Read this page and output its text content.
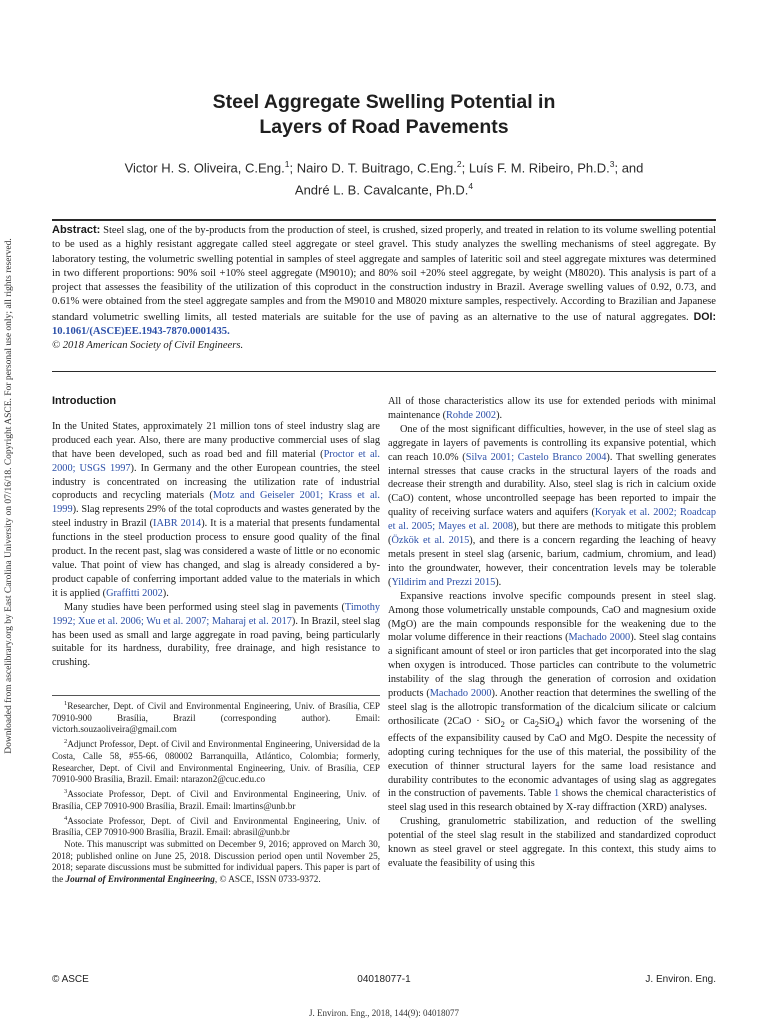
Downloaded from ascelibrary.org by East Carolina University on 07/16/18. Copyright ASCE. For personal use only; all rights reserved.
Steel Aggregate Swelling Potential in
Layers of Road Pavements
Victor H. S. Oliveira, C.Eng.$^1$; Nairo D. T. Buitrago, C.Eng.$^2$; Luís F. M. Ribeiro, Ph.D.$^3$; and
André L. B. Cavalcante, Ph.D.$^4$
Abstract: Steel slag, one of the by-products from the production of steel, is crushed, sized properly, and treated in relation to its volume swelling potential to be used as a highly resistant aggregate called steel aggregate or steel gravel. This study analyzes the swelling mechanisms of steel aggregate. By laboratory testing, the volumetric swelling potential in samples of steel aggregate and samples of lateritic soil and steel aggregate mixtures was determined in two different proportions: 90% soil +10% steel aggregate (M9010); and 80% soil +20% steel aggregate, by weight (M8020). This analysis is part of a project that assesses the feasibility of the utilization of this coproduct in the construction industry in Brazil. Average swelling values of 0.92, 0.73, and 0.61% were obtained from the steel aggregate samples and from the M9010 and M8020 mixture samples, respectively. According to Brazilian and Japanese standard volumetric swelling limits, all tested materials are suitable for the use of paving as an alternative to the use of natural aggregates. DOI: 10.1061/(ASCE)EE.1943-7870.0001435.
© 2018 American Society of Civil Engineers.
Introduction

In the United States, approximately 21 million tons of steel industry slag are produced each year. Also, there are many productive commercial uses of slag that have been developed, such as road bed and fill material (Proctor et al. 2000; USGS 1997). In Germany and the other European countries, the steel industry is concentrated on increasing the utilization rate of industrial coproducts and recycling materials (Motz and Geiseler 2001; Krass et al. 1999). Slag represents 29% of the total coproducts and wastes generated by the steel industry in Brazil (IABR 2014). It is a material that presents fundamental functions in the steel production process to ensure good quality of the final product. In the recent past, slag was considered a waste of little or no economic value. That point of view has changed, and slag is already considered a by-product capable of conferring important added value to the materials in which it is applied (Graffitti 2002).

Many studies have been performed using steel slag in pavements (Timothy 1992; Xue et al. 2006; Wu et al. 2007; Maharaj et al. 2017). In Brazil, steel slag has been used as small and large aggregate in road paving, being particularly suitable for its hardness, durability, free drainage, and high resistance to crushing.

$^1$Researcher, Dept. of Civil and Environmental Engineering, Univ. of Brasília, CEP 70910-900 Brasília, Brazil (corresponding author). Email: victorh.souzaoliveira@gmail.com

$^2$Adjunct Professor, Dept. of Civil and Environmental Engineering, Universidad de la Costa, Calle 58, #55-66, 080002 Barranquilla, Atlántico, Colombia; formerly, Researcher, Dept. of Civil and Environmental Engineering, Univ. of Brasília, CEP 70910-900 Brasília, Brazil. Email: ntarazon2@cuc.edu.co

$^3$Associate Professor, Dept. of Civil and Environmental Engineering, Univ. of Brasília, CEP 70910-900 Brasília, Brazil. Email: lmartins@unb.br

$^4$Associate Professor, Dept. of Civil and Environmental Engineering, Univ. of Brasília, CEP 70910-900 Brasília, Brazil. Email: abrasil@unb.br

Note. This manuscript was submitted on December 9, 2016; approved on March 30, 2018; published online on June 25, 2018. Discussion period open until November 25, 2018; separate discussions must be submitted for individual papers. This paper is part of the Journal of Environmental Engineering, © ASCE, ISSN 0733-9372.

All of those characteristics allow its use for extended periods with minimal maintenance (Rohde 2002).

One of the most significant difficulties, however, in the use of steel slag as aggregate in layers of pavements is controlling its expansive potential, which can reach 10.0% (Silva 2001; Castelo Branco 2004). That swelling generates internal stresses that cause cracks in the structural layers of the roads and decrease their strength and durability. Also, steel slag is rich in calcium oxide (CaO) content, whose uncontrolled seepage has been reported to impair the quality of receiving surface waters and aquifers (Koryak et al. 2002; Roadcap et al. 2005; Mayes et al. 2008), but there are methods to mitigate this problem (Özkök et al. 2015), and there is a concern regarding the leaching of heavy metals present in steel slag (arsenic, barium, cadmium, chromium, and lead) into the groundwater, however, their concentration levels may be tolerable (Yildirim and Prezzi 2015).

Expansive reactions involve specific compounds present in steel slag. Among those volumetrically unstable compounds, CaO and magnesium oxide (MgO) are the main compounds responsible for the weakening due to the molar volume difference in their reactions (Machado 2000). Steel slag contains a significant amount of steel or iron particles that get incorporated into the slag when oxygen is introduced. Those particles can contribute to the volumetric instability of the slag through the generation of corrosion and oxidation products (Machado 2000). Another reaction that determines the swelling of the steel slag is the allotropic transformation of the dicalcium silicate or calcium orthosilicate (2CaO · SiO$_2$ or $Ca_2SiO_4$) which favor the worsening of the effects of the expansibility caused by CaO and MgO. Despite the necessity of adopting curing techniques for the use of this material, the possibility of the execution of thinner structural layers for the same load resistance and durability contributes to the economic advantages of using slag as aggregates in the construction of pavements. Table 1 shows the chemical characteristics of steel slag used in this research obtained by X-ray diffraction (XRD) analyses.

Crushing, granulometric stabilization, and reduction of the swelling potential of the steel slag result in the stabilized and standardized coproduct known as steel gravel or steel aggregate. In this context, this study aims to evaluate the feasibility of using this

© ASCE	04018077-1	J. Environ. Eng.
J. Environ. Eng., 2018, 144(9): 04018077
